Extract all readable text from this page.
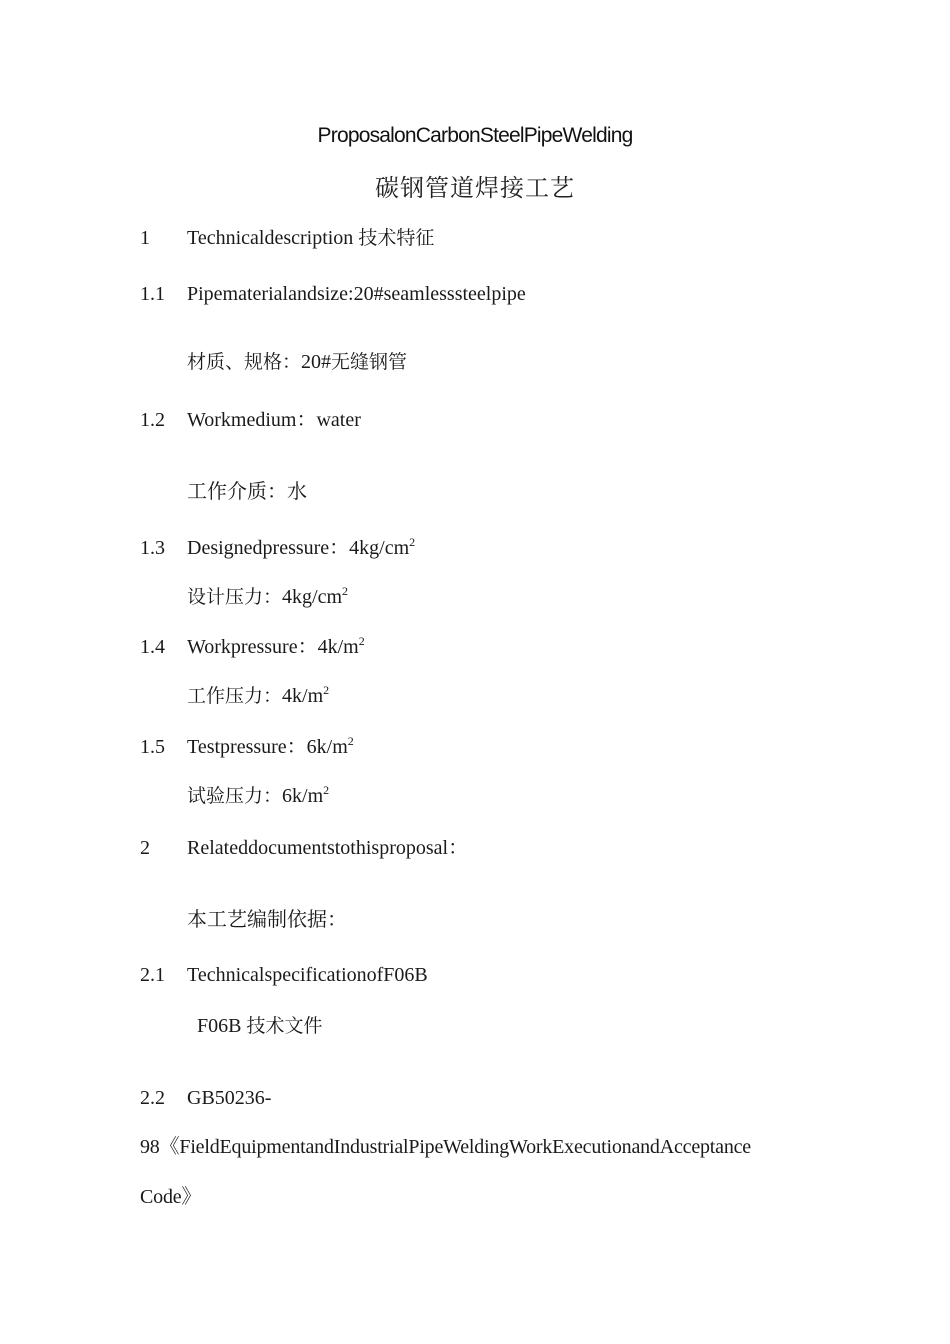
ProposalonCarbonSteelPipeWelding
碳钢管道焊接工艺
1 Technicaldescription 技术特征
1.1 Pipematerialandsize:20#seamlesssteelpipe
材质、规格：20#无缝钢管
1.2 Workmedium：water
工作介质：水
1.3 Designedpressure：$4kg/cm^2$
设计压力：$4kg/cm^2$
1.4 Workpressure：$4k/m^2$
工作压力：$4k/m^2$
1.5 Testpressure：$6k/m^2$
试验压力：$6k/m^2$
2 Relateddocumentstothisproposal：
本工艺编制依据：
2.1 TechnicalspecificationofF06B
F06B 技术文件
2.2 GB50236-
98《FieldEquipmentandIndustrialPipeWeldingWorkExecutionandAcceptance
Code》
